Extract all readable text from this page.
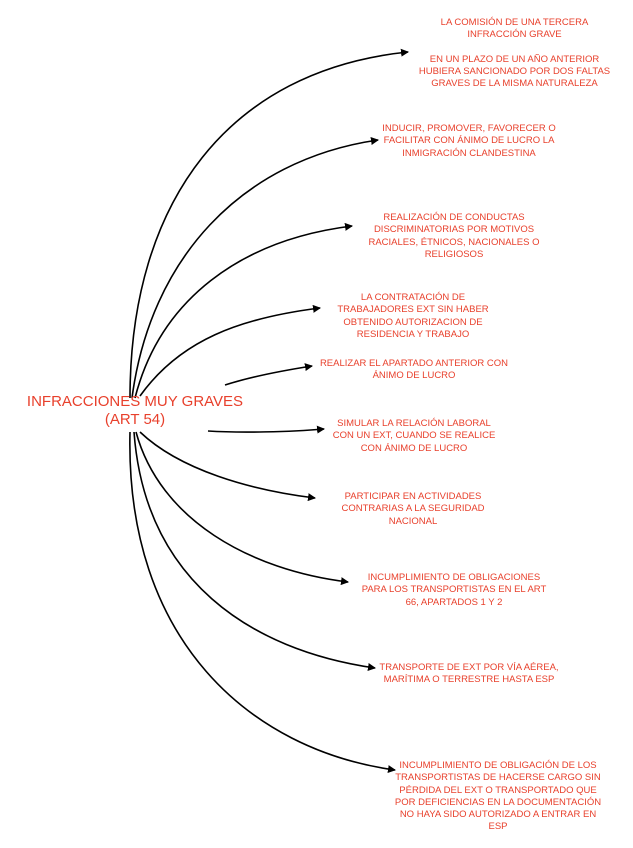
INFRACCIONES MUY GRAVES
(ART 54)
LA COMISIÓN DE UNA TERCERA INFRACCIÓN GRAVE
EN UN PLAZO DE UN AÑO ANTERIOR HUBIERA SANCIONADO POR DOS FALTAS GRAVES DE LA MISMA NATURALEZA
INDUCIR, PROMOVER, FAVORECER O FACILITAR CON ÁNIMO DE LUCRO LA INMIGRACIÓN CLANDESTINA
REALIZACIÓN DE CONDUCTAS DISCRIMINATORIAS POR MOTIVOS RACIALES, ÉTNICOS, NACIONALES O RELIGIOSOS
LA CONTRATACIÓN DE TRABAJADORES EXT SIN HABER OBTENIDO AUTORIZACION DE RESIDENCIA Y TRABAJO
REALIZAR EL APARTADO ANTERIOR CON ÁNIMO DE LUCRO
SIMULAR LA RELACIÓN LABORAL CON UN EXT, CUANDO SE REALICE CON ÁNIMO DE LUCRO
PARTICIPAR EN ACTIVIDADES CONTRARIAS A LA SEGURIDAD NACIONAL
INCUMPLIMIENTO DE OBLIGACIONES PARA LOS TRANSPORTISTAS EN EL ART 66, APARTADOS 1 Y 2
TRANSPORTE DE EXT POR VÍA AÉREA, MARÍTIMA O TERRESTRE HASTA ESP
INCUMPLIMIENTO DE OBLIGACIÓN DE LOS TRANSPORTISTAS DE HACERSE CARGO SIN PÉRDIDA DEL EXT O TRANSPORTADO QUE POR DEFICIENCIAS EN LA DOCUMENTACIÓN NO HAYA SIDO AUTORIZADO A ENTRAR EN ESP
